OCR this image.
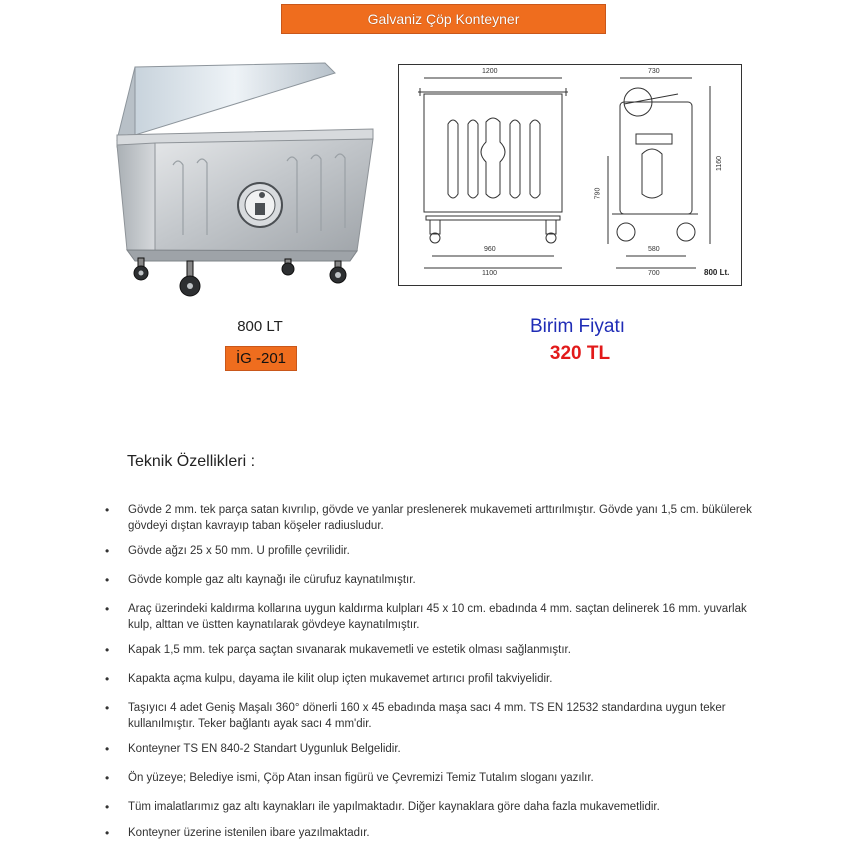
Galvaniz Çöp Konteyner
1200	730
1160
790
960
1100
580
700	800 Lt.
800 LT
İG -201
Birim Fiyatı
320 TL
Teknik Özellikleri :
• Gövde 2 mm. tek parça satan kıvrılıp, gövde ve yanlar preslenerek mukavemeti arttırılmıştır. Gövde yanı 1,5 cm. bükülerek gövdeyi dıştan kavrayıp taban köşeler radiusludur.
• Gövde ağzı 25 x 50 mm. U profille çevrilidir.
• Gövde komple gaz altı kaynağı ile cürufuz kaynatılmıştır.
• Araç üzerindeki kaldırma kollarına uygun kaldırma kulpları 45 x 10 cm. ebadında 4 mm. saçtan delinerek 16 mm. yuvarlak kulp, alttan ve üstten kaynatılarak gövdeye kaynatılmıştır.
• Kapak 1,5 mm. tek parça saçtan sıvanarak mukavemetli ve estetik olması sağlanmıştır.
• Kapakta açma kulpu, dayama ile kilit olup içten mukavemet artırıcı profil takviyelidir.
• Taşıyıcı 4 adet Geniş Maşalı 360° dönerli 160 x 45 ebadında maşa sacı 4 mm. TS EN 12532 standardına uygun teker kullanılmıştır. Teker bağlantı ayak sacı 4 mm'dir.
• Konteyner TS EN 840-2 Standart Uygunluk Belgelidir.
• Ön yüzeye; Belediye ismi, Çöp Atan insan figürü ve Çevremizi Temiz Tutalım sloganı yazılır.
• Tüm imalatlarımız gaz altı kaynakları ile yapılmaktadır. Diğer kaynaklara göre daha fazla mukavemetlidir.
• Konteyner üzerine istenilen ibare yazılmaktadır.
